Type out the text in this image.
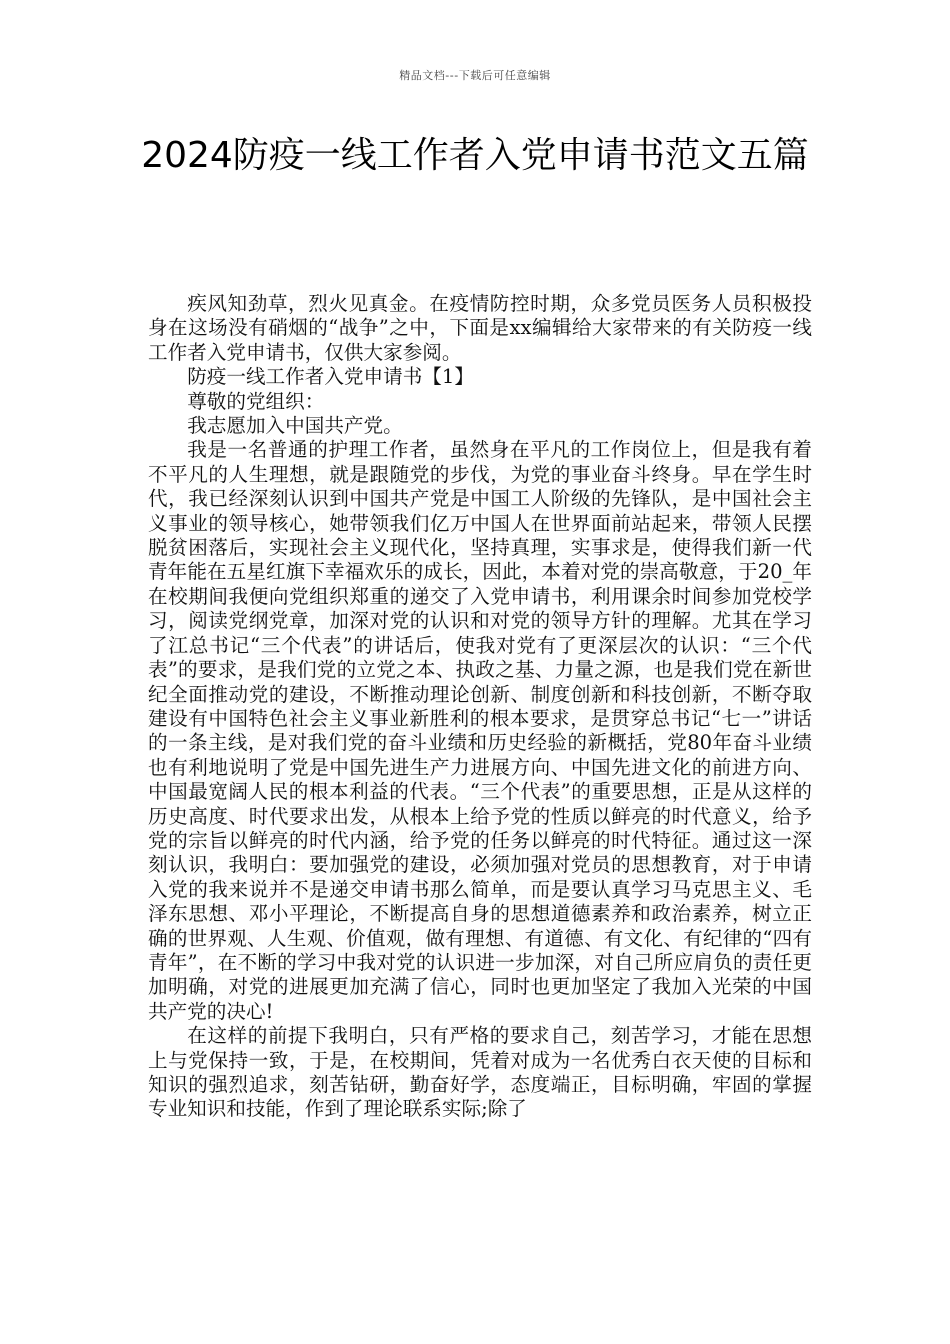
精品文档---下载后可任意编辑
2024防疫一线工作者入党申请书范文五篇

疾风知劲草，烈火见真金。在疫情防控时期，众多党员医务人员积极投身在这场没有硝烟的“战争”之中，下面是xx编辑给大家带来的有关防疫一线工作者入党申请书，仅供大家参阅。

防疫一线工作者入党申请书【1】

尊敬的党组织：

我志愿加入中国共产党。

我是一名普通的护理工作者，虽然身在平凡的工作岗位上，但是我有着不平凡的人生理想，就是跟随党的步伐，为党的事业奋斗终身。早在学生时代，我已经深刻认识到中国共产党是中国工人阶级的先锋队，是中国社会主义事业的领导核心，她带领我们亿万中国人在世界面前站起来，带领人民摆脱贫困落后，实现社会主义现代化，坚持真理，实事求是，使得我们新一代青年能在五星红旗下幸福欢乐的成长，因此，本着对党的崇高敬意，于20_年在校期间我便向党组织郑重的递交了入党申请书，利用课余时间参加党校学习，阅读党纲党章，加深对党的认识和对党的领导方针的理解。尤其在学习了江总书记“三个代表”的讲话后，使我对党有了更深层次的认识：“三个代表”的要求，是我们党的立党之本、执政之基、力量之源，也是我们党在新世纪全面推动党的建设，不断推动理论创新、制度创新和科技创新，不断夺取建设有中国特色社会主义事业新胜利的根本要求，是贯穿总书记“七一”讲话的一条主线，是对我们党的奋斗业绩和历史经验的新概括，党80年奋斗业绩也有利地说明了党是中国先进生产力进展方向、中国先进文化的前进方向、中国最宽阔人民的根本利益的代表。“三个代表”的重要思想，正是从这样的历史高度、时代要求出发，从根本上给予党的性质以鲜亮的时代意义，给予党的宗旨以鲜亮的时代内涵，给予党的任务以鲜亮的时代特征。通过这一深刻认识，我明白：要加强党的建设，必须加强对党员的思想教育，对于申请入党的我来说并不是递交申请书那么简单，而是要认真学习马克思主义、毛泽东思想、邓小平理论，不断提高自身的思想道德素养和政治素养，树立正确的世界观、人生观、价值观，做有理想、有道德、有文化、有纪律的“四有青年”，在不断的学习中我对党的认识进一步加深，对自己所应肩负的责任更加明确，对党的进展更加充满了信心，同时也更加坚定了我加入光荣的中国共产党的决心!

在这样的前提下我明白，只有严格的要求自己，刻苦学习，才能在思想上与党保持一致，于是，在校期间，凭着对成为一名优秀白衣天使的目标和知识的强烈追求，刻苦钻研，勤奋好学，态度端正，目标明确，牢固的掌握专业知识和技能，作到了理论联系实际;除了
